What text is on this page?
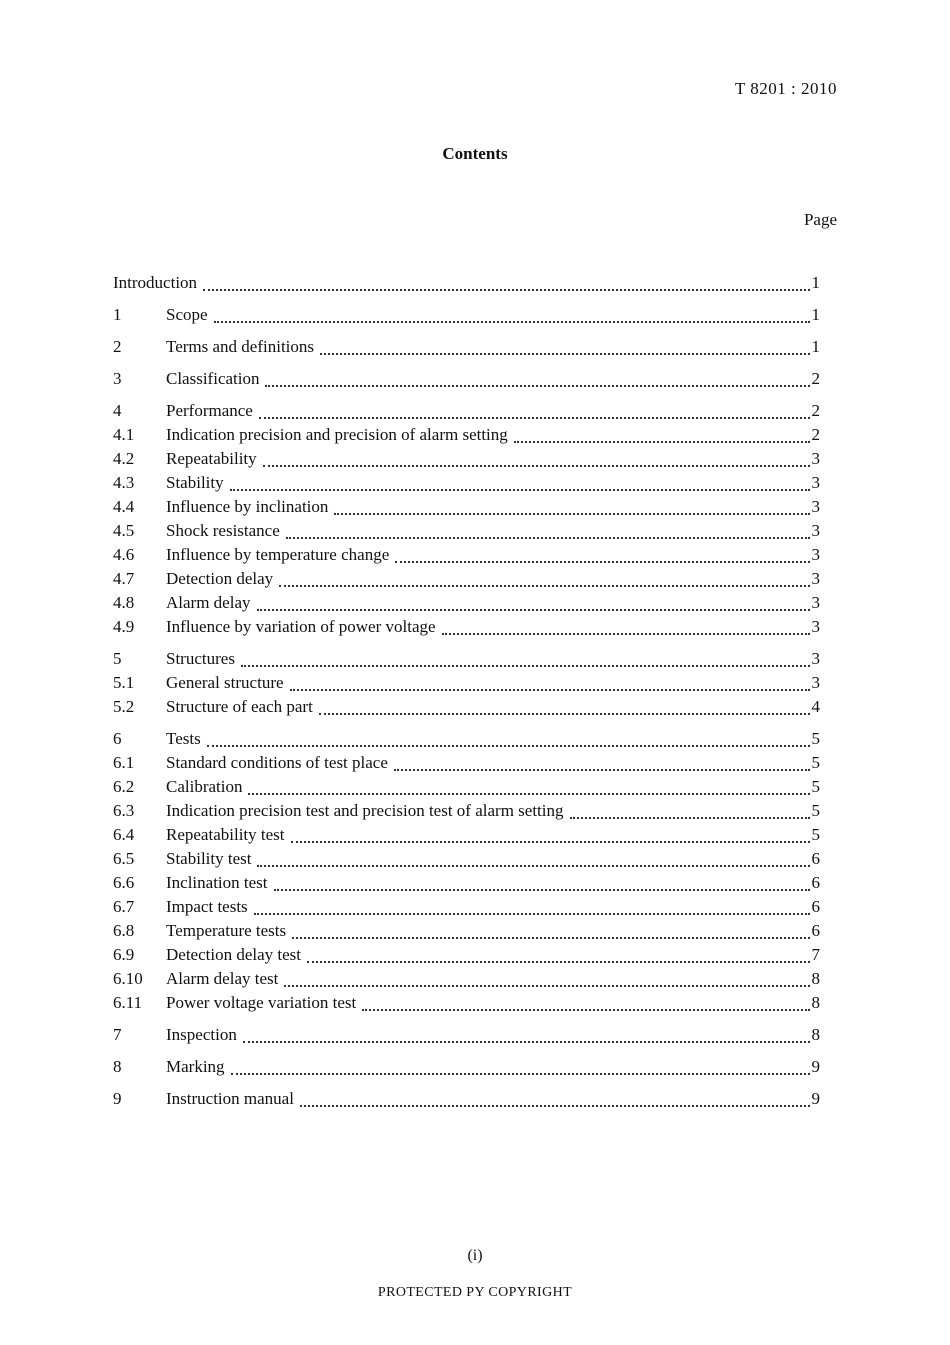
T 8201 : 2010
Contents
Page
Introduction	1
1	Scope	1
2	Terms and definitions	1
3	Classification	2
4	Performance	2
4.1	Indication precision and precision of alarm setting	2
4.2	Repeatability	3
4.3	Stability	3
4.4	Influence by inclination	3
4.5	Shock resistance	3
4.6	Influence by temperature change	3
4.7	Detection delay	3
4.8	Alarm delay	3
4.9	Influence by variation of power voltage	3
5	Structures	3
5.1	General structure	3
5.2	Structure of each part	4
6	Tests	5
6.1	Standard conditions of test place	5
6.2	Calibration	5
6.3	Indication precision test and precision test of alarm setting	5
6.4	Repeatability test	5
6.5	Stability test	6
6.6	Inclination test	6
6.7	Impact tests	6
6.8	Temperature tests	6
6.9	Detection delay test	7
6.10	Alarm delay test	8
6.11	Power voltage variation test	8
7	Inspection	8
8	Marking	9
9	Instruction manual	9
(i)
PROTECTED PY COPYRIGHT
